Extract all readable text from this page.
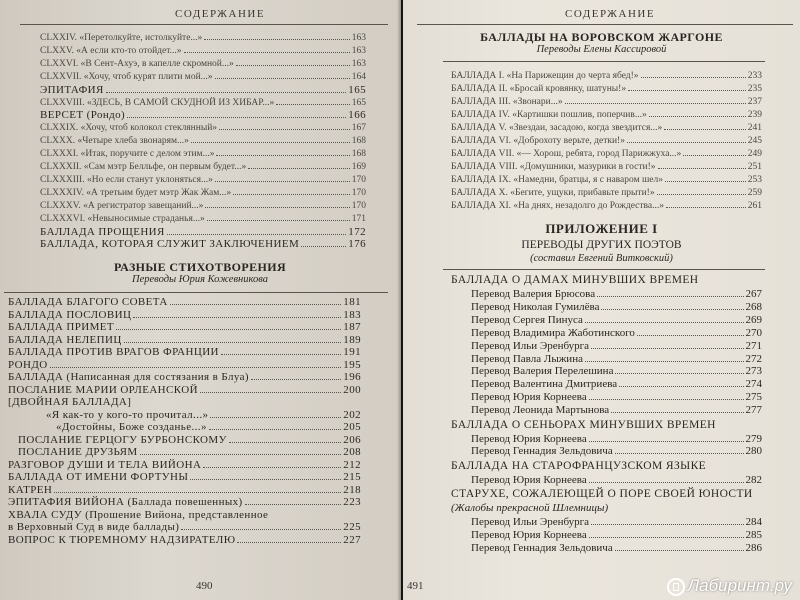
СОДЕРЖАНИЕ
CLXXIV. «Перетолкуйте, истолкуйте...»	163
CLXXV. «А если кто-то отойдет...»	163
CLXXVI. «В Сент-Ахуэ, в капелле скромной...»	163
CLXXVII. «Хочу, чтоб курят плити мой...»	164
ЭПИТАФИЯ	165
CLXXVIII. «ЗДЕСЬ, В САМОЙ СКУДНОЙ ИЗ ХИБАР...»	165
ВЕРСЕТ (Рондо)	166
CLXXIX. «Хочу, чтоб колокол стеклянный»	167
CLXXX. «Четыре хлеба звонарям...»	168
CLXXXI. «Итак, поручите с делом этим...»	168
CLXXXII. «Сам мэтр Белльфе, он первым будет...»	169
CLXXXIII. «Но если станут уклоняться...»	170
CLXXXIV. «А третьим будет мэтр Жак Жам...»	170
CLXXXV. «А регистратор завещаний...»	170
CLXXXVI. «Невыносимые страданья...»	171
БАЛЛАДА ПРОЩЕНИЯ	172
БАЛЛАДА, КОТОРАЯ СЛУЖИТ ЗАКЛЮЧЕНИЕМ	176
РАЗНЫЕ СТИХОТВОРЕНИЯ
Переводы Юрия Кожевникова
БАЛЛАДА БЛАГОГО СОВЕТА	181
БАЛЛАДА ПОСЛОВИЦ	183
БАЛЛАДА ПРИМЕТ	187
БАЛЛАДА НЕЛЕПИЦ	189
БАЛЛАДА ПРОТИВ ВРАГОВ ФРАНЦИИ	191
РОНДО	195
БАЛЛАДА (Написанная для состязания в Блуа)	196
ПОСЛАНИЕ МАРИИ ОРЛЕАНСКОЙ	200
[ДВОЙНАЯ БАЛЛАДА]
«Я как-то у кого-то прочитал...»	202
«Достойны, Боже созданье...»	205
ПОСЛАНИЕ ГЕРЦОГУ БУРБОНСКОМУ	206
ПОСЛАНИЕ ДРУЗЬЯМ	208
РАЗГОВОР ДУШИ И ТЕЛА ВИЙОНА	212
БАЛЛАДА ОТ ИМЕНИ ФОРТУНЫ	215
КАТРЕН	218
ЭПИТАФИЯ ВИЙОНА (Баллада повешенных)	223
ХВАЛА СУДУ (Прошение Вийона, представленное
в Верховный Суд в виде баллады)	225
ВОПРОС К ТЮРЕМНОМУ НАДЗИРАТЕЛЮ	227
490
СОДЕРЖАНИЕ
БАЛЛАДЫ НА ВОРОВСКОМ ЖАРГОНЕ
Переводы Елены Кассировой
БАЛЛАДА I. «На Парижещин до черта ябед!»	233
БАЛЛАДА II. «Бросай кровянку, шатуны!»	235
БАЛЛАДА III. «Звонари...»	237
БАЛЛАДА IV. «Картишки пошлив, поперчив...»	239
БАЛЛАДА V. «Звездаи, засадою, когда звездится...»	241
БАЛЛАДА VI. «Доброхоту верьте, детки!»	245
БАЛЛАДА VII. «— Хорош, ребята, город Парижжуха...»	249
БАЛЛАДА VIII. «Домушники, мазурики в гости!»	251
БАЛЛАДА IX. «Намедни, братцы, я с наваром шел»	253
БАЛЛАДА X. «Бегите, ущуки, прибавьте прыти!»	259
БАЛЛАДА XI. «На днях, незадолго до Рождества...»	261
ПРИЛОЖЕНИЕ I
ПЕРЕВОДЫ ДРУГИХ ПОЭТОВ
(составил Евгений Витковский)
БАЛЛАДА О ДАМАХ МИНУВШИХ ВРЕМЕН
Перевод Валерия Брюсова	267
Перевод Николая Гумилёва	268
Перевод Сергея Пинуса	269
Перевод Владимира Жаботинского	270
Перевод Ильи Эренбурга	271
Перевод Павла Лыжина	272
Перевод Валерия Перелешина	273
Перевод Валентина Дмитриева	274
Перевод Юрия Корнеева	275
Перевод Леонида Мартынова	277
БАЛЛАДА О СЕНЬОРАХ МИНУВШИХ ВРЕМЕН
Перевод Юрия Корнеева	279
Перевод Геннадия Зельдовича	280
БАЛЛАДА НА СТАРОФРАНЦУЗСКОМ ЯЗЫКЕ
Перевод Юрия Корнеева	282
СТАРУХЕ, СОЖАЛЕЮЩЕЙ О ПОРЕ СВОЕЙ ЮНОСТИ
(Жалобы прекрасной Шлемницы)
Перевод Ильи Эренбурга	284
Перевод Юрия Корнеева	285
Перевод Геннадия Зельдовича	286
491	Лабиринт.ру
